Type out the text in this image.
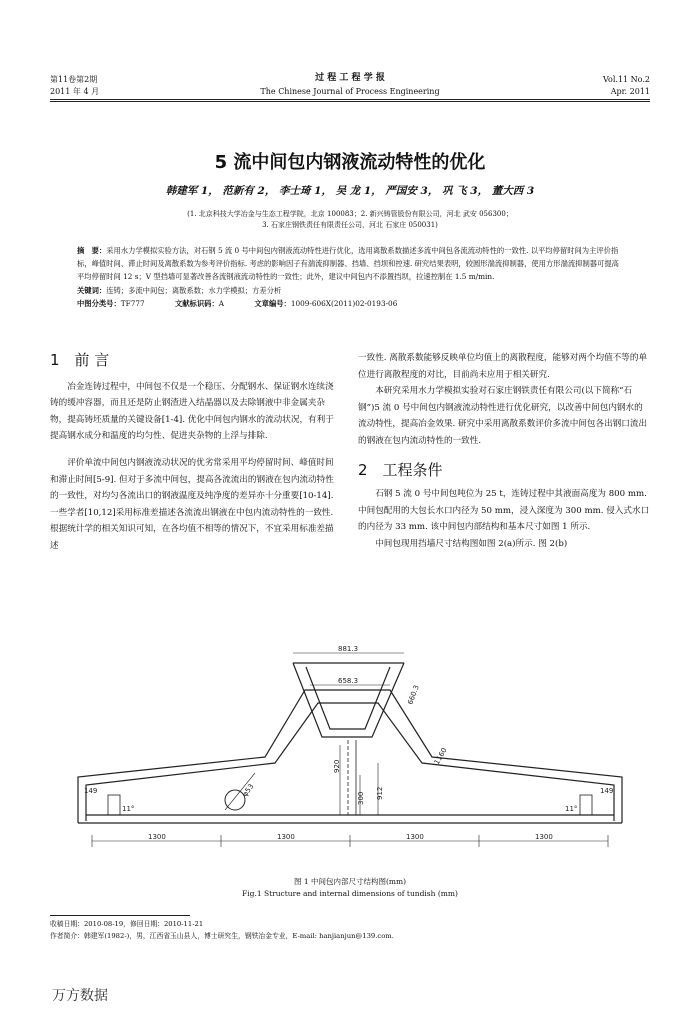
第11卷第2期
2011 年 4 月
过 程 工 程 学 报
The Chinese Journal of Process Engineering
Vol.11 No.2
Apr. 2011
5 流中间包内钢液流动特性的优化
韩建军 1， 范新有 2， 李士琦 1， 吴 龙 1， 严国安 3， 巩 飞 3， 董大西 3
(1. 北京科技大学冶金与生态工程学院，北京 100083；2. 新兴铸管股份有限公司，河北 武安 056300；
3. 石家庄钢铁责任有限责任公司，河北 石家庄 050031)

摘　要：采用水力学模拟实验方法，对石钢 5 流 0 号中间包内钢液流动特性进行优化，选用离散系数描述多流中间包各流流动特性的一致性. 以平均停留时间为主评价指标，峰值时间、滞止时间及离散系数为参考评价指标. 考虑的影响因子有湍流抑制器、挡墙、挡坝和控速. 研究结果表明，较圆形湍流抑制器，使用方形湍流抑制器可提高平均停留时间 12 s；V 型挡墙可显著改善各流钢液流动特性的一致性；此外，建议中间包内不添置挡坝，拉速控制在 1.5 m/min.

关键词：连铸；多流中间包；离散系数；水力学模拟；方差分析

中图分类号：TF777	文献标识码：A	文章编号：1009-606X(2011)02-0193-06

1　前 言

冶金连铸过程中，中间包不仅是一个稳压、分配钢水、保证钢水连续浇铸的缓冲容器，而且还是防止钢渣进入结晶器以及去除钢液中非金属夹杂物，提高铸坯质量的关键设备[1-4]. 优化中间包内钢水的流动状况，有利于提高钢水成分和温度的均匀性、促进夹杂物的上浮与排除.

评价单流中间包内钢液流动状况的优劣常采用平均停留时间、峰值时间和滞止时间[5-9]. 但对于多流中间包，提高各流流出的钢液在包内流动特性的一致性，对均匀各流出口的钢液温度及纯净度的差异亦十分重要[10-14]. 一些学者[10,12]采用标准差描述各流流出钢液在中包内流动特性的一致性. 根据统计学的相关知识可知，在各均值不相等的情况下，不宜采用标准差描述

一致性. 离散系数能够反映单位均值上的离散程度，能够对两个均值不等的单位进行离散程度的对比，目前尚未应用于相关研究.

本研究采用水力学模拟实验对石家庄钢铁责任有限公司(以下简称“石钢”)5 流 0 号中间包内钢液流动特性进行优化研究，以改善中间包内钢水的流动特性，提高冶金效果. 研究中采用离散系数评价多流中间包各出钢口流出的钢液在包内流动特性的一致性.

2　工程条件

石钢 5 流 0 号中间包吨位为 25 t，连铸过程中其液面高度为 800 mm. 中间包配用的大包长水口内径为 50 mm，浸入深度为 300 mm. 侵入式水口的内径为 33 mm. 该中间包内部结构和基本尺寸如图 1 所示.

中间包现用挡墙尺寸结构图如图 2(a)所示. 图 2(b)

881.3
658.3
660.3
1160
920
φ53
300 912
149	149
1300	1300	1300	1300
11°	11°
图 1 中间包内部尺寸结构图(mm)
Fig.1 Structure and internal dimensions of tundish (mm)
收稿日期：2010-08-19，修回日期：2010-11-21
作者简介：韩建军(1982-)，男，江西省玉山县人，博士研究生，钢铁冶金专业，E-mail: hanjianjun@139.com.
万方数据
